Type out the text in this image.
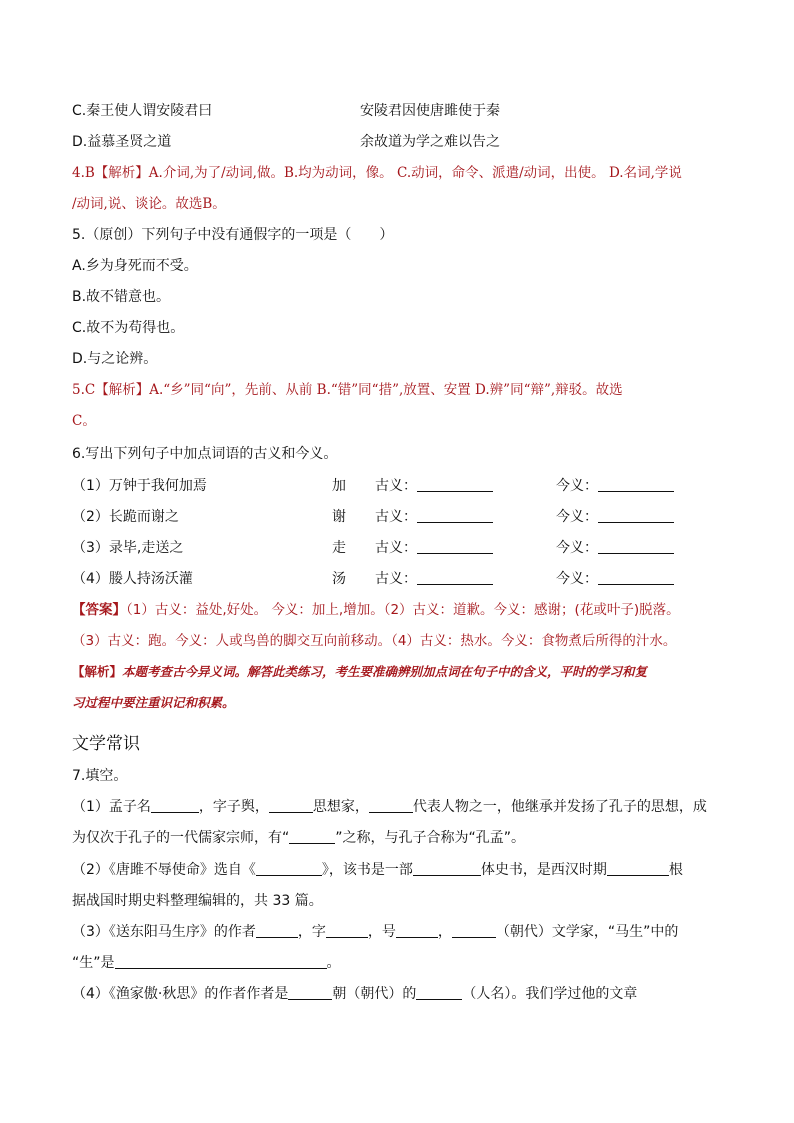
C.秦王使人谓安陵君曰	安陵君因使唐雎使于秦
D.益慕圣贤之道	余故道为学之难以告之
4.B【解析】A.介词,为了/动词,做。B.均为动词，像。 C.动词，命令、派遣/动词，出使。 D.名词,学说
/动词,说、谈论。故选B。
5.（原创）下列句子中没有通假字的一项是（　　）
A.乡为身死而不受。
B.故不错意也。
C.故不为苟得也。
D.与之论辨。
5.C【解析】A.“乡”同“向”，先前、从前 B.“错”同“措”,放置、安置 D.辨”同“辩”,辩驳。故选
C。
6.写出下列句子中加点词语的古义和今义。
（1）万钟于我何加焉	加 古义：	今义：
（2）长跪而谢之	谢 古义：	今义：
（3）录毕,走送之	走 古义：	今义：
（4）媵人持汤沃灌	汤 古义：	今义：
【答案】（1）古义：益处,好处。 今义：加上,增加。（2）古义：道歉。今义：感谢；(花或叶子)脱落。
（3）古义：跑。今义：人或鸟兽的脚交互向前移动。（4）古义：热水。今义：食物煮后所得的汁水。
【解析】本题考查古今异义词。解答此类练习，考生要准确辨别加点词在句子中的含义，平时的学习和复
习过程中要注重识记和积累。
文学常识
7.填空。
（1）孟子名	，字子舆，	思想家，	代表人物之一，他继承并发扬了孔子的思想，成
为仅次于孔子的一代儒家宗师，有“	”之称，与孔子合称为“孔孟”。
（2）《唐雎不辱使命》选自《	》，该书是一部	体史书，是西汉时期	根
据战国时期史料整理编辑的，共 33 篇。
（3）《送东阳马生序》的作者	，字	，号	，	（朝代）文学家，“马生”中的
“生”是	。
（4）《渔家傲·秋思》的作者作者是	朝（朝代）的	（人名）。我们学过他的文章
